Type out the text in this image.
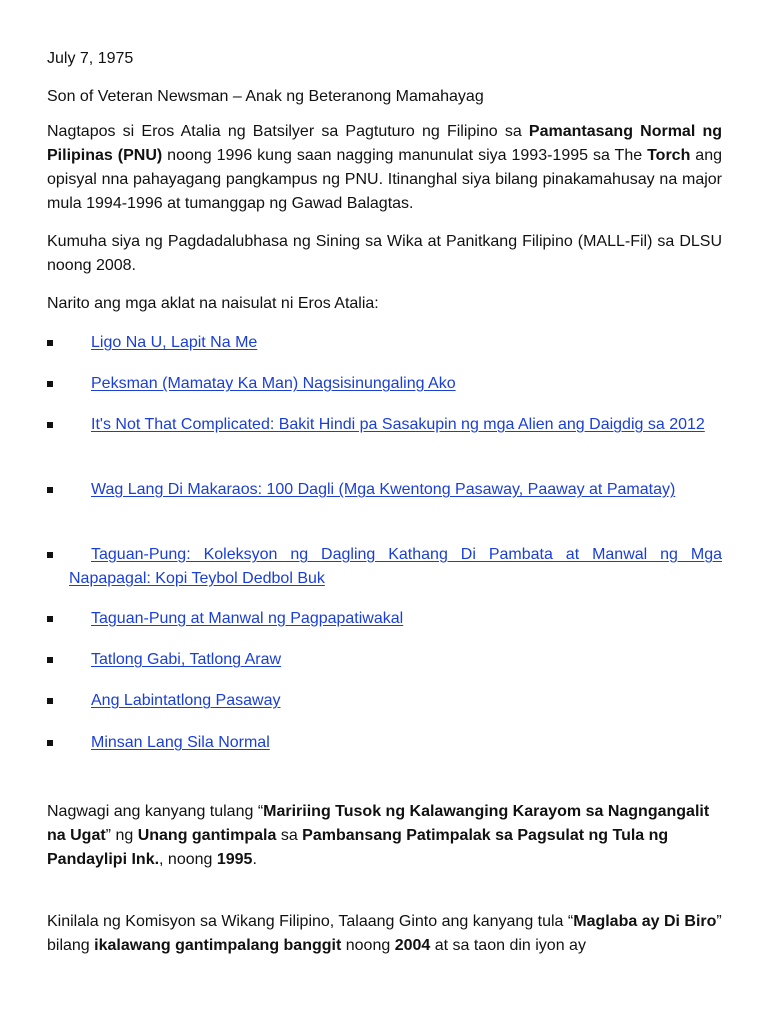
July 7, 1975

Son of Veteran Newsman – Anak ng Beteranong Mamahayag

Nagtapos si Eros Atalia ng Batsilyer sa Pagtuturo ng Filipino sa Pamantasang Normal ng Pilipinas (PNU) noong 1996 kung saan nagging manunulat siya 1993-1995 sa The Torch ang opisyal nna pahayagang pangkampus ng PNU. Itinanghal siya bilang pinakamahusay na major mula 1994-1996 at tumanggap ng Gawad Balagtas.

Kumuha siya ng Pagdadalubhasa ng Sining sa Wika at Panitkang Filipino (MALL-Fil) sa DLSU noong 2008.

Narito ang mga aklat na naisulat ni Eros Atalia:

Ligo Na U, Lapit Na Me
Peksman (Mamatay Ka Man) Nagsisinungaling Ako
It's Not That Complicated: Bakit Hindi pa Sasakupin ng mga Alien ang Daigdig sa 2012
Wag Lang Di Makaraos: 100 Dagli (Mga Kwentong Pasaway, Paaway at Pamatay)
Taguan-Pung: Koleksyon ng Dagling Kathang Di Pambata at Manwal ng Mga Napapagal: Kopi Teybol Dedbol Buk
Taguan-Pung at Manwal ng Pagpapatiwakal
Tatlong Gabi, Tatlong Araw
Ang Labintatlong Pasaway
Minsan Lang Sila Normal

Nagwagi ang kanyang tulang “Maririing Tusok ng Kalawanging Karayom sa Nagngangalit na Ugat” ng Unang gantimpala sa Pambansang Patimpalak sa Pagsulat ng Tula ng Pandaylipi Ink., noong 1995.

Kinilala ng Komisyon sa Wikang Filipino, Talaang Ginto ang kanyang tula “Maglaba ay Di Biro” bilang ikalawang gantimpalang banggit noong 2004 at sa taon din iyon ay
